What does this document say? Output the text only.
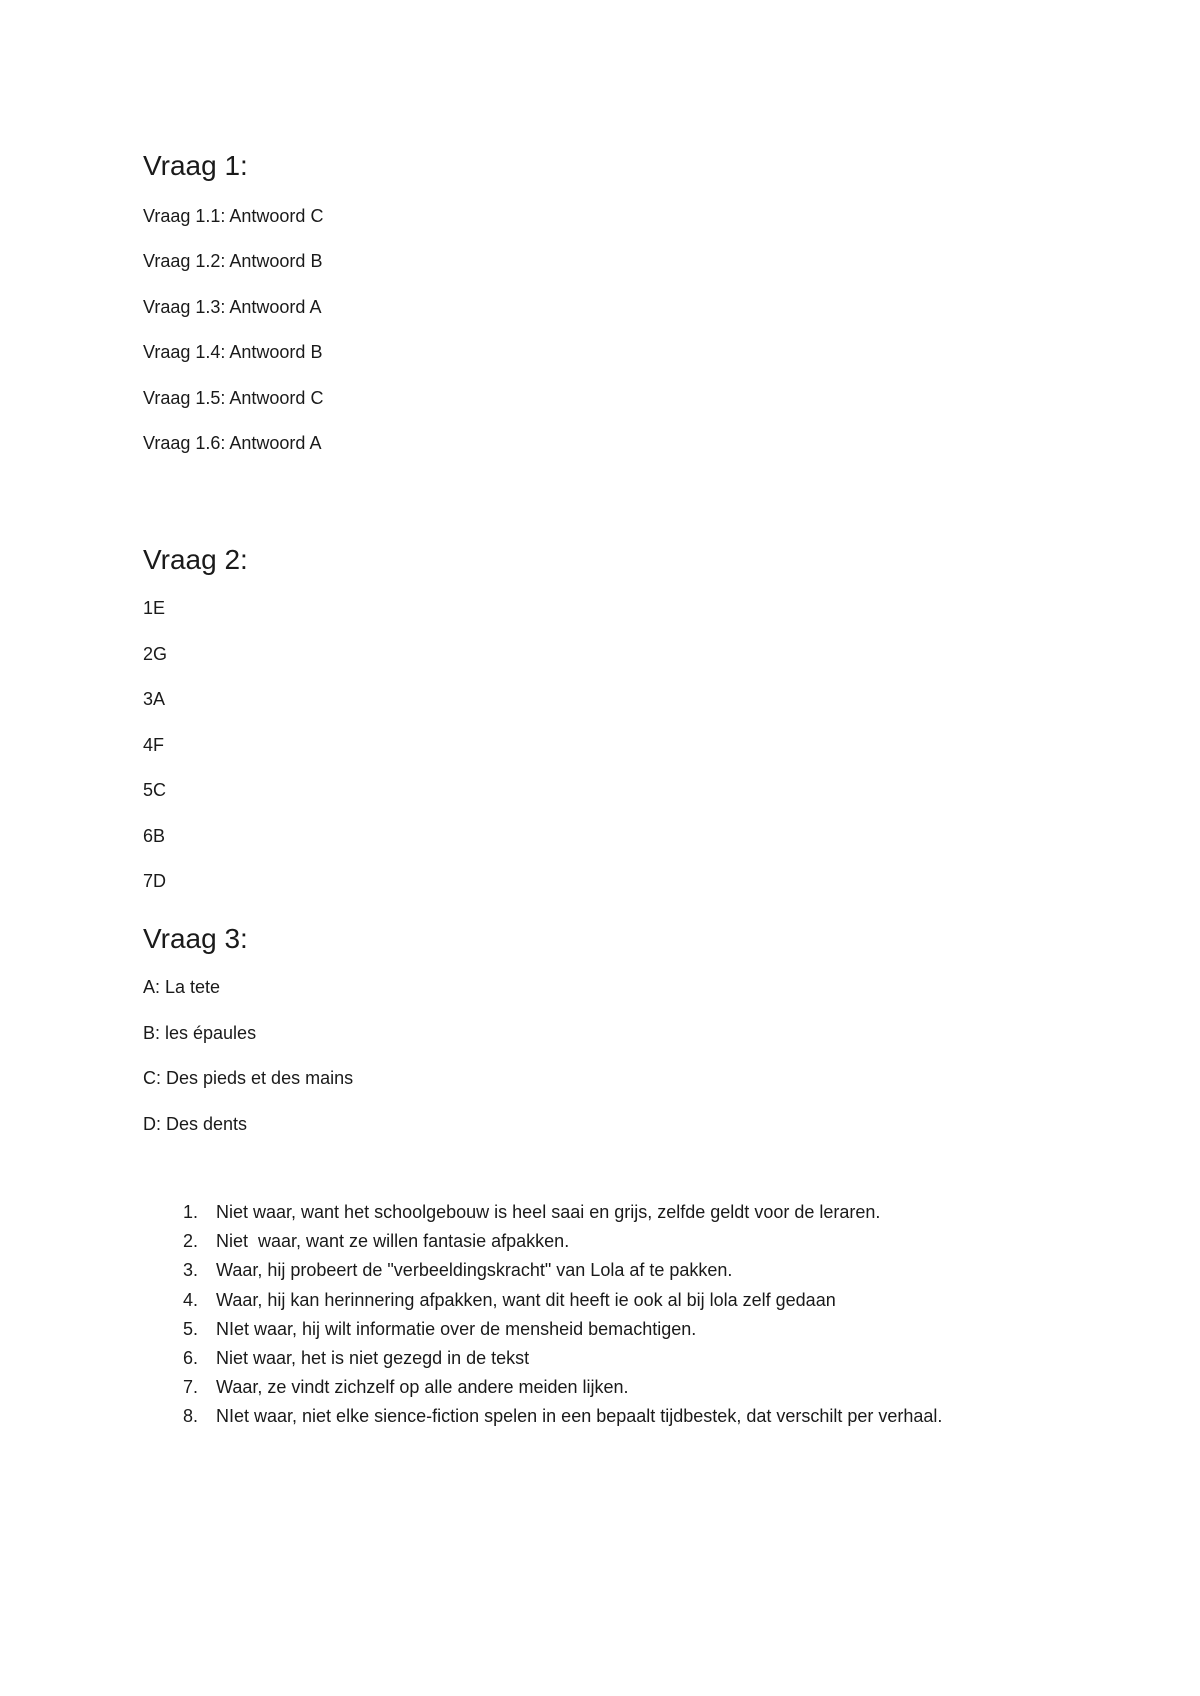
Vraag 1:

Vraag 1.1: Antwoord C

Vraag 1.2: Antwoord B

Vraag 1.3: Antwoord A

Vraag 1.4: Antwoord B

Vraag 1.5: Antwoord C

Vraag 1.6: Antwoord A

Vraag 2:

1E

2G

3A

4F

5C

6B

7D

Vraag 3:

A: La tete

B: les épaules

C: Des pieds et des mains

D: Des dents

1. Niet waar, want het schoolgebouw is heel saai en grijs, zelfde geldt voor de leraren.
2. Niet  waar, want ze willen fantasie afpakken.
3. Waar, hij probeert de "verbeeldingskracht" van Lola af te pakken.
4. Waar, hij kan herinnering afpakken, want dit heeft ie ook al bij lola zelf gedaan
5. NIet waar, hij wilt informatie over de mensheid bemachtigen.
6. Niet waar, het is niet gezegd in de tekst
7. Waar, ze vindt zichzelf op alle andere meiden lijken.
8. NIet waar, niet elke sience-fiction spelen in een bepaalt tijdbestek, dat verschilt per verhaal.
